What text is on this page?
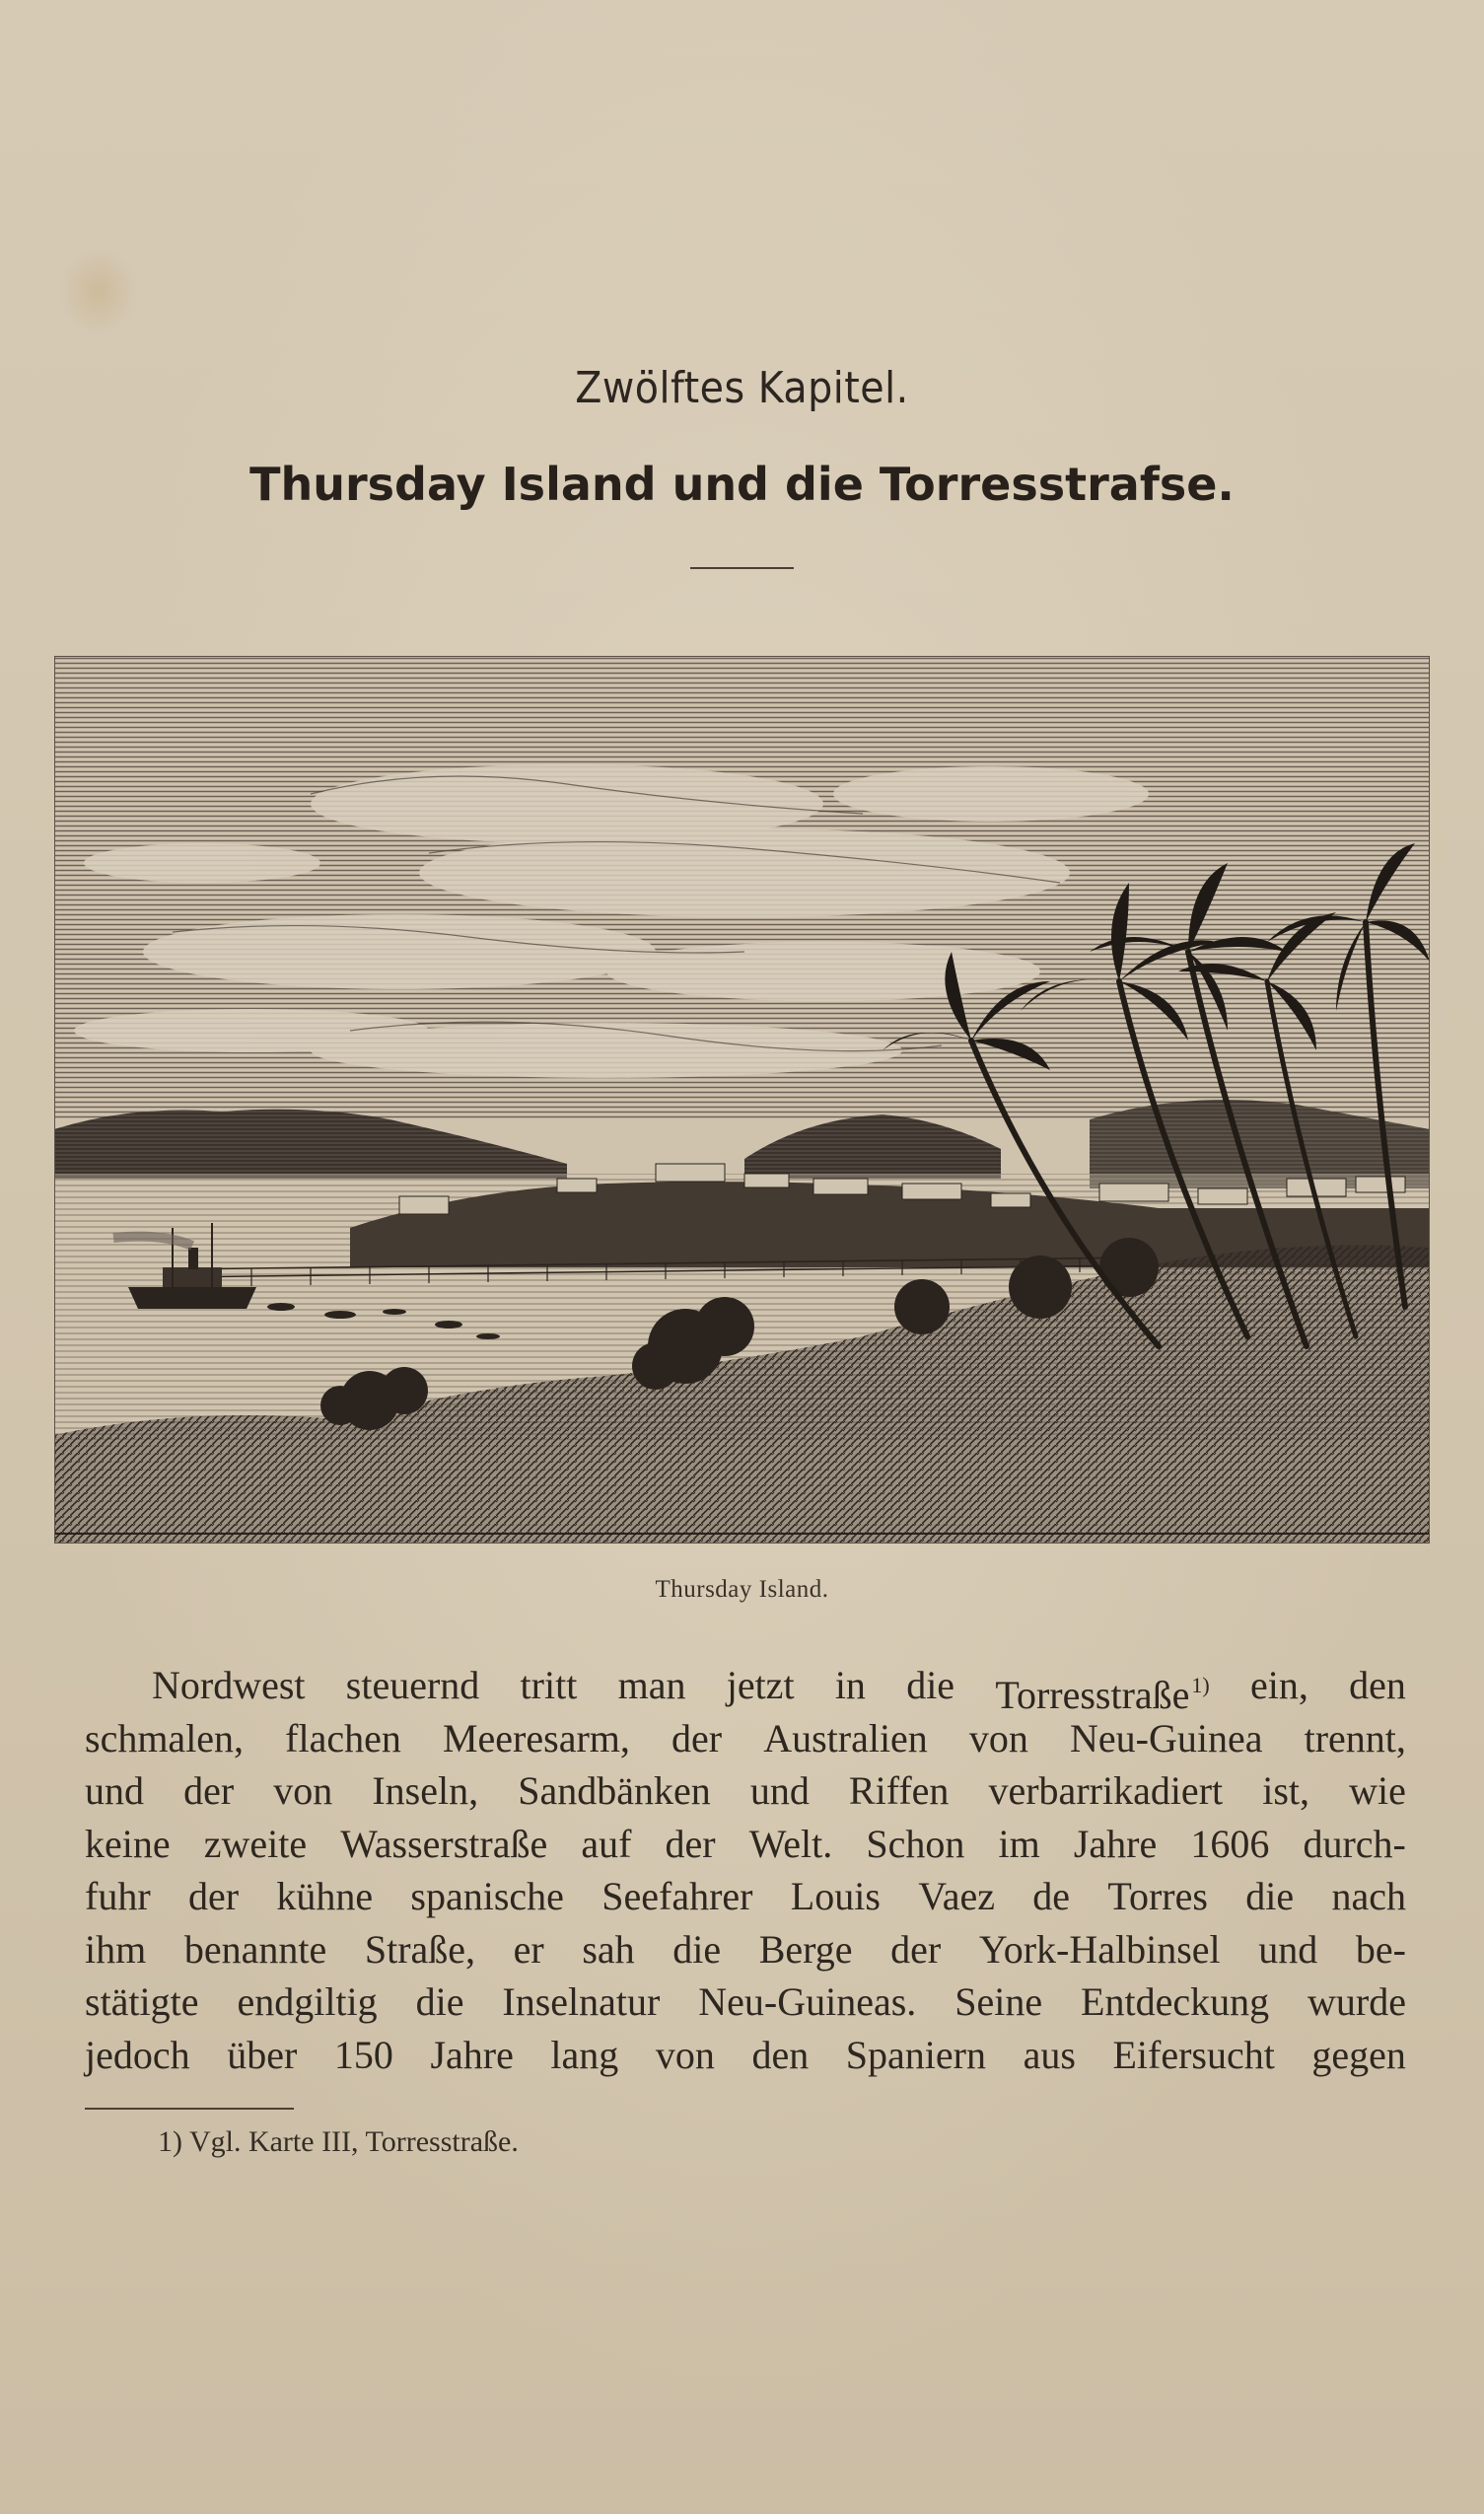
Zwölftes Kapitel.
Thursday Island und die Torresstrafse.
Thursday Island.
Nordwest steuernd tritt man jetzt in die Torresstraße$^{1)}$ ein, den
schmalen, flachen Meeresarm, der Australien von Neu-Guinea trennt,
und der von Inseln, Sandbänken und Riffen verbarrikadiert ist, wie
keine zweite Wasserstraße auf der Welt. Schon im Jahre 1606 durch-
fuhr der kühne spanische Seefahrer Louis Vaez de Torres die nach
ihm benannte Straße, er sah die Berge der York-Halbinsel und be-
stätigte endgiltig die Inselnatur Neu-Guineas. Seine Entdeckung wurde
jedoch über 150 Jahre lang von den Spaniern aus Eifersucht gegen
1) Vgl. Karte III, Torresstraße.
